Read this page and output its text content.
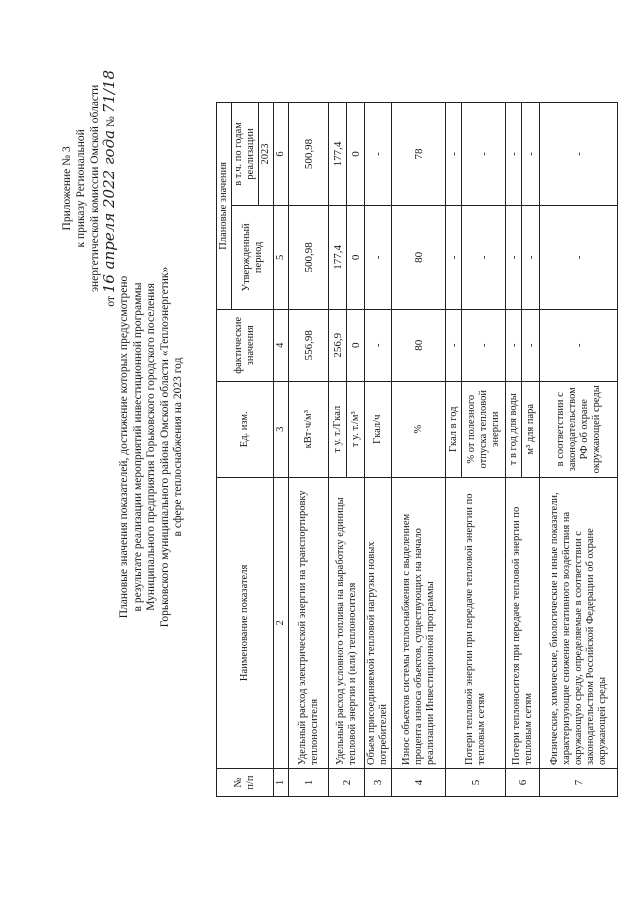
Приложение № 3 к приказу Региональной энергетической комиссии Омской области
от 16 апреля 2022 года № 71/18
Плановые значения показателей, достижение которых предусмотрено в результате реализации мероприятий инвестиционной программы Муниципального предприятия Горьковского городского поселения Горьковского муниципального района Омской области «Теплоэнергетик» в сфере теплоснабжения на 2023 год
№ п/п	Наименование показателя	Ед. изм.	фактические значения	Плановые значения	
				Утвержденный период	в т.ч. по годам реализации
					2023
1	2	3	4	5	6
1	Удельный расход электрической энергии на транспортировку теплоносителя	кВт·ч/м³	556,98	500,98	500,98
2	Удельный расход условного топлива на выработку единицы тепловой энергии и (или) теплоносителя	т у. т./Гкал	256,9	177,4	177,4
		т у. т./м³	0	0	0
3	Объем присоединяемой тепловой нагрузки новых потребителей	Гкал/ч	-	-	-
4	Износ объектов системы теплоснабжения с выделением процента износа объектов, существующих на начало реализации Инвестиционной программы	%	80	80	78
5	Потери тепловой энергии при передаче тепловой энергии по тепловым сетям	Гкал в год	-	-	-
		% от полезного отпуска тепловой энергии	-	-	-
6	Потери теплоносителя при передаче тепловой энергии по тепловым сетям	т в год для воды	-	-	-
		м³ для пара	-	-	-
7	Физические, химические, биологические и иные показатели, характеризующие снижение негативного воздействия на окружающую среду, определяемые в соответствии с законодательством Российской Федерации об охране окружающей среды	в соответствии с законодательством РФ об охране окружающей среды	-	-	-
